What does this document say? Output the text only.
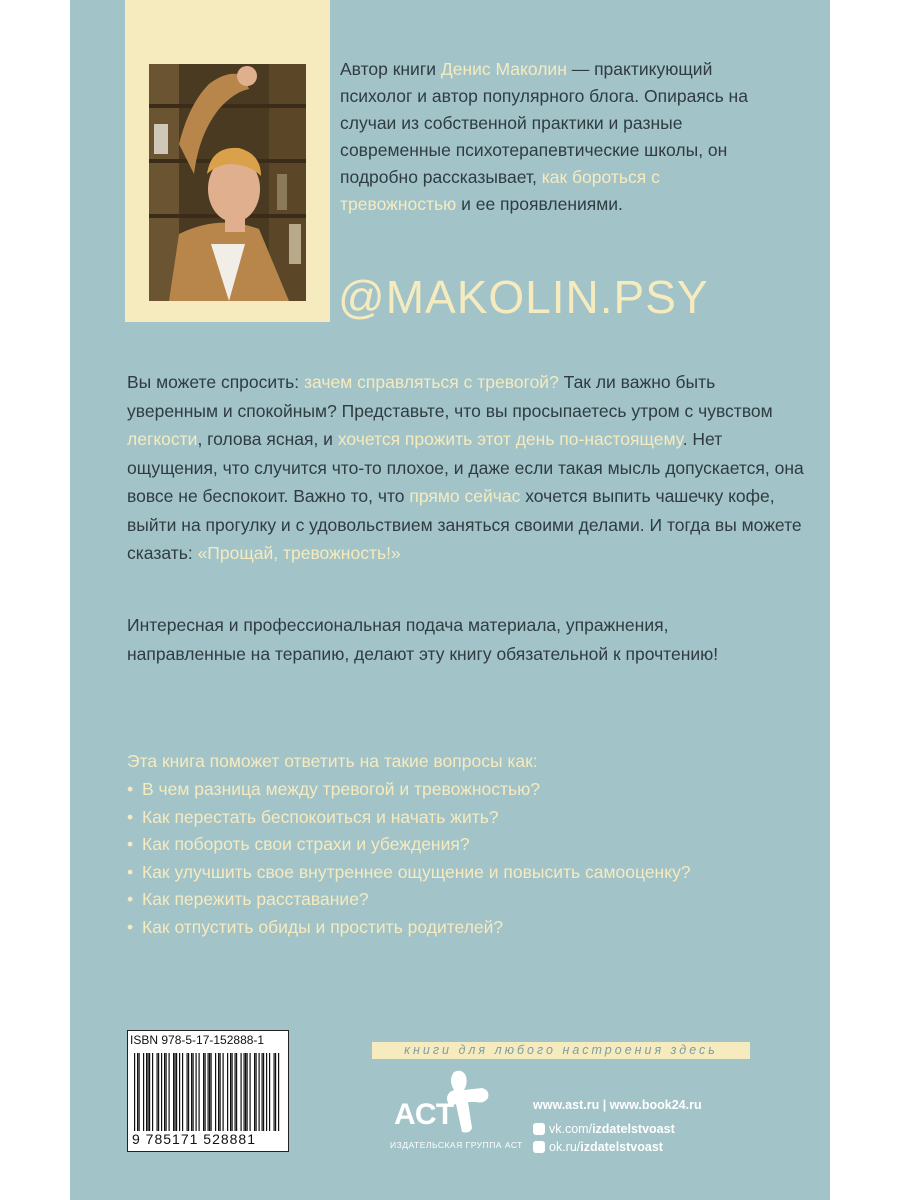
Автор книги Денис Маколин — практикующий психолог и автор популярного блога. Опираясь на случаи из собственной практики и разные современные психотерапевтические школы, он подробно рассказывает, как бороться с тревожностью и ее проявлениями.
@MAKOLIN.PSY
Вы можете спросить: зачем справляться с тревогой? Так ли важно быть уверенным и спокойным? Представьте, что вы просыпаетесь утром с чувством легкости, голова ясная, и хочется прожить этот день по-настоящему. Нет ощущения, что случится что-то плохое, и даже если такая мысль допускается, она вовсе не беспокоит. Важно то, что прямо сейчас хочется выпить чашечку кофе, выйти на прогулку и с удовольствием заняться своими делами. И тогда вы можете сказать: «Прощай, тревожность!»
Интересная и профессиональная подача материала, упражнения, направленные на терапию, делают эту книгу обязательной к прочтению!
Эта книга поможет ответить на такие вопросы как:
• В чем разница между тревогой и тревожностью?
• Как перестать беспокоиться и начать жить?
• Как побороть свои страхи и убеждения?
• Как улучшить свое внутреннее ощущение и повысить самооценку?
• Как пережить расставание?
• Как отпустить обиды и простить родителей?
ISBN 978-5-17-152888-1
9 785171 528881
книги для любого настроения здесь
АСТ
ИЗДАТЕЛЬСКАЯ ГРУППА АСТ
www.ast.ru | www.book24.ru
vk.com/izdatelstvoast
ok.ru/izdatelstvoast
